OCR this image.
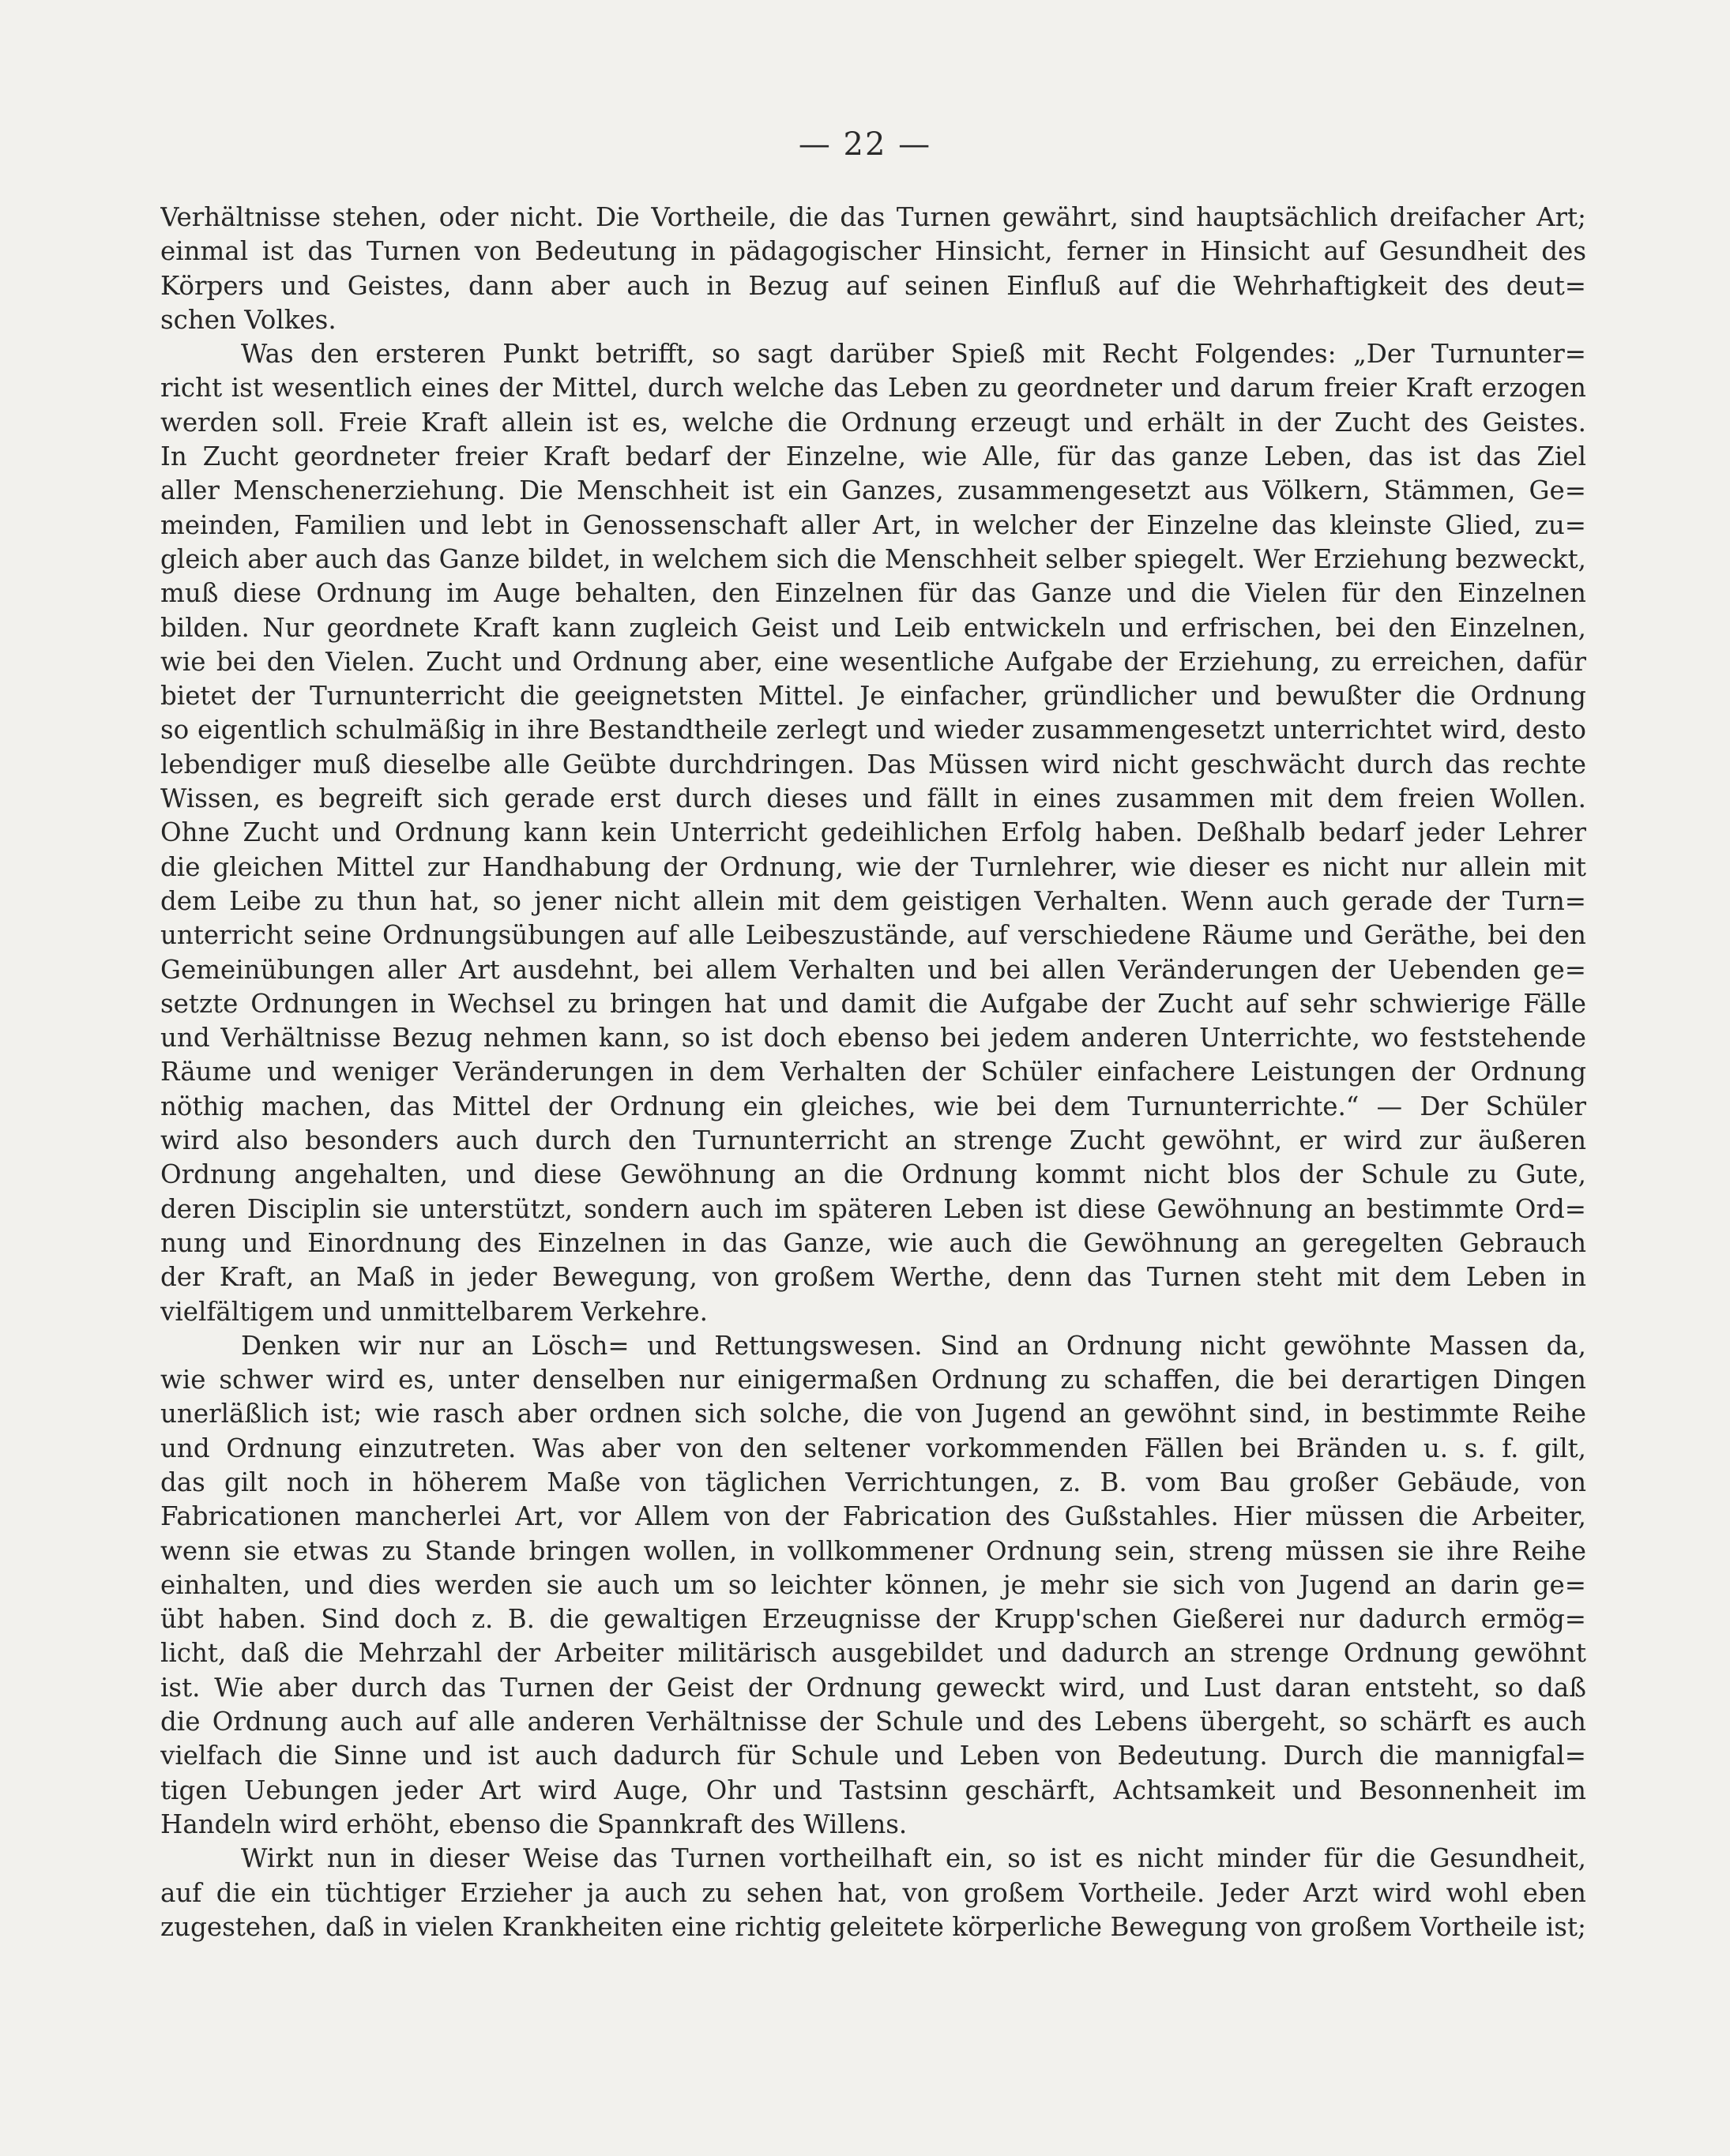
— 22 —
Verhältnisse stehen, oder nicht. Die Vortheile, die das Turnen gewährt, sind hauptsächlich dreifacher Art;
einmal ist das Turnen von Bedeutung in pädagogischer Hinsicht, ferner in Hinsicht auf Gesundheit des
Körpers und Geistes, dann aber auch in Bezug auf seinen Einfluß auf die Wehrhaftigkeit des deut=
schen Volkes.
Was den ersteren Punkt betrifft, so sagt darüber Spieß mit Recht Folgendes: „Der Turnunter=
richt ist wesentlich eines der Mittel, durch welche das Leben zu geordneter und darum freier Kraft erzogen
werden soll. Freie Kraft allein ist es, welche die Ordnung erzeugt und erhält in der Zucht des Geistes.
In Zucht geordneter freier Kraft bedarf der Einzelne, wie Alle, für das ganze Leben, das ist das Ziel
aller Menschenerziehung. Die Menschheit ist ein Ganzes, zusammengesetzt aus Völkern, Stämmen, Ge=
meinden, Familien und lebt in Genossenschaft aller Art, in welcher der Einzelne das kleinste Glied, zu=
gleich aber auch das Ganze bildet, in welchem sich die Menschheit selber spiegelt. Wer Erziehung bezweckt,
muß diese Ordnung im Auge behalten, den Einzelnen für das Ganze und die Vielen für den Einzelnen
bilden. Nur geordnete Kraft kann zugleich Geist und Leib entwickeln und erfrischen, bei den Einzelnen,
wie bei den Vielen. Zucht und Ordnung aber, eine wesentliche Aufgabe der Erziehung, zu erreichen, dafür
bietet der Turnunterricht die geeignetsten Mittel. Je einfacher, gründlicher und bewußter die Ordnung
so eigentlich schulmäßig in ihre Bestandtheile zerlegt und wieder zusammengesetzt unterrichtet wird, desto
lebendiger muß dieselbe alle Geübte durchdringen. Das Müssen wird nicht geschwächt durch das rechte
Wissen, es begreift sich gerade erst durch dieses und fällt in eines zusammen mit dem freien Wollen.
Ohne Zucht und Ordnung kann kein Unterricht gedeihlichen Erfolg haben. Deßhalb bedarf jeder Lehrer
die gleichen Mittel zur Handhabung der Ordnung, wie der Turnlehrer, wie dieser es nicht nur allein mit
dem Leibe zu thun hat, so jener nicht allein mit dem geistigen Verhalten. Wenn auch gerade der Turn=
unterricht seine Ordnungsübungen auf alle Leibeszustände, auf verschiedene Räume und Geräthe, bei den
Gemeinübungen aller Art ausdehnt, bei allem Verhalten und bei allen Veränderungen der Uebenden ge=
setzte Ordnungen in Wechsel zu bringen hat und damit die Aufgabe der Zucht auf sehr schwierige Fälle
und Verhältnisse Bezug nehmen kann, so ist doch ebenso bei jedem anderen Unterrichte, wo feststehende
Räume und weniger Veränderungen in dem Verhalten der Schüler einfachere Leistungen der Ordnung
nöthig machen, das Mittel der Ordnung ein gleiches, wie bei dem Turnunterrichte.“ — Der Schüler
wird also besonders auch durch den Turnunterricht an strenge Zucht gewöhnt, er wird zur äußeren
Ordnung angehalten, und diese Gewöhnung an die Ordnung kommt nicht blos der Schule zu Gute,
deren Disciplin sie unterstützt, sondern auch im späteren Leben ist diese Gewöhnung an bestimmte Ord=
nung und Einordnung des Einzelnen in das Ganze, wie auch die Gewöhnung an geregelten Gebrauch
der Kraft, an Maß in jeder Bewegung, von großem Werthe, denn das Turnen steht mit dem Leben in
vielfältigem und unmittelbarem Verkehre.
Denken wir nur an Lösch= und Rettungswesen. Sind an Ordnung nicht gewöhnte Massen da,
wie schwer wird es, unter denselben nur einigermaßen Ordnung zu schaffen, die bei derartigen Dingen
unerläßlich ist; wie rasch aber ordnen sich solche, die von Jugend an gewöhnt sind, in bestimmte Reihe
und Ordnung einzutreten. Was aber von den seltener vorkommenden Fällen bei Bränden u. s. f. gilt,
das gilt noch in höherem Maße von täglichen Verrichtungen, z. B. vom Bau großer Gebäude, von
Fabricationen mancherlei Art, vor Allem von der Fabrication des Gußstahles. Hier müssen die Arbeiter,
wenn sie etwas zu Stande bringen wollen, in vollkommener Ordnung sein, streng müssen sie ihre Reihe
einhalten, und dies werden sie auch um so leichter können, je mehr sie sich von Jugend an darin ge=
übt haben. Sind doch z. B. die gewaltigen Erzeugnisse der Krupp'schen Gießerei nur dadurch ermög=
licht, daß die Mehrzahl der Arbeiter militärisch ausgebildet und dadurch an strenge Ordnung gewöhnt
ist. Wie aber durch das Turnen der Geist der Ordnung geweckt wird, und Lust daran entsteht, so daß
die Ordnung auch auf alle anderen Verhältnisse der Schule und des Lebens übergeht, so schärft es auch
vielfach die Sinne und ist auch dadurch für Schule und Leben von Bedeutung. Durch die mannigfal=
tigen Uebungen jeder Art wird Auge, Ohr und Tastsinn geschärft, Achtsamkeit und Besonnenheit im
Handeln wird erhöht, ebenso die Spannkraft des Willens.
Wirkt nun in dieser Weise das Turnen vortheilhaft ein, so ist es nicht minder für die Gesundheit,
auf die ein tüchtiger Erzieher ja auch zu sehen hat, von großem Vortheile. Jeder Arzt wird wohl eben
zugestehen, daß in vielen Krankheiten eine richtig geleitete körperliche Bewegung von großem Vortheile ist;
